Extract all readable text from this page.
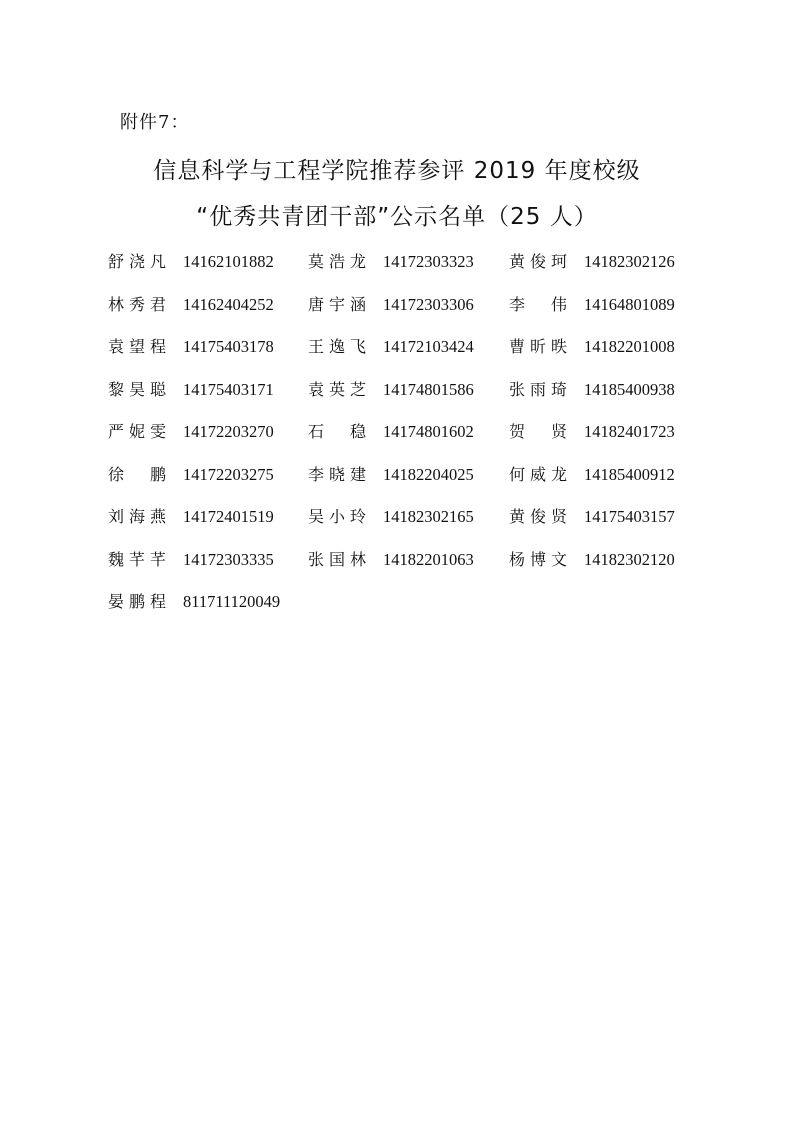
附件7：
信息科学与工程学院推荐参评 2019 年度校级
“优秀共青团干部”公示名单（25 人）
舒 浇 凡 14162101882 莫 浩 龙 14172303323 黄 俊 珂 14182302126
林 秀 君 14162404252 唐 宇 涵 14172303306 李 伟 14164801089
袁 望 程 14175403178 王 逸 飞 14172103424 曹 昕 昳 14182201008
黎 昊 聪 14175403171 袁 英 芝 14174801586 张 雨 琦 14185400938
严 妮 雯 14172203270 石 稳 14174801602 贺 贤 14182401723
徐 鹏 14172203275 李 晓 建 14182204025 何 威 龙 14185400912
刘 海 燕 14172401519 吴 小 玲 14182302165 黄 俊 贤 14175403157
魏 芊 芊 14172303335 张 国 林 14182201063 杨 博 文 14182302120
晏 鹏 程 811711120049
